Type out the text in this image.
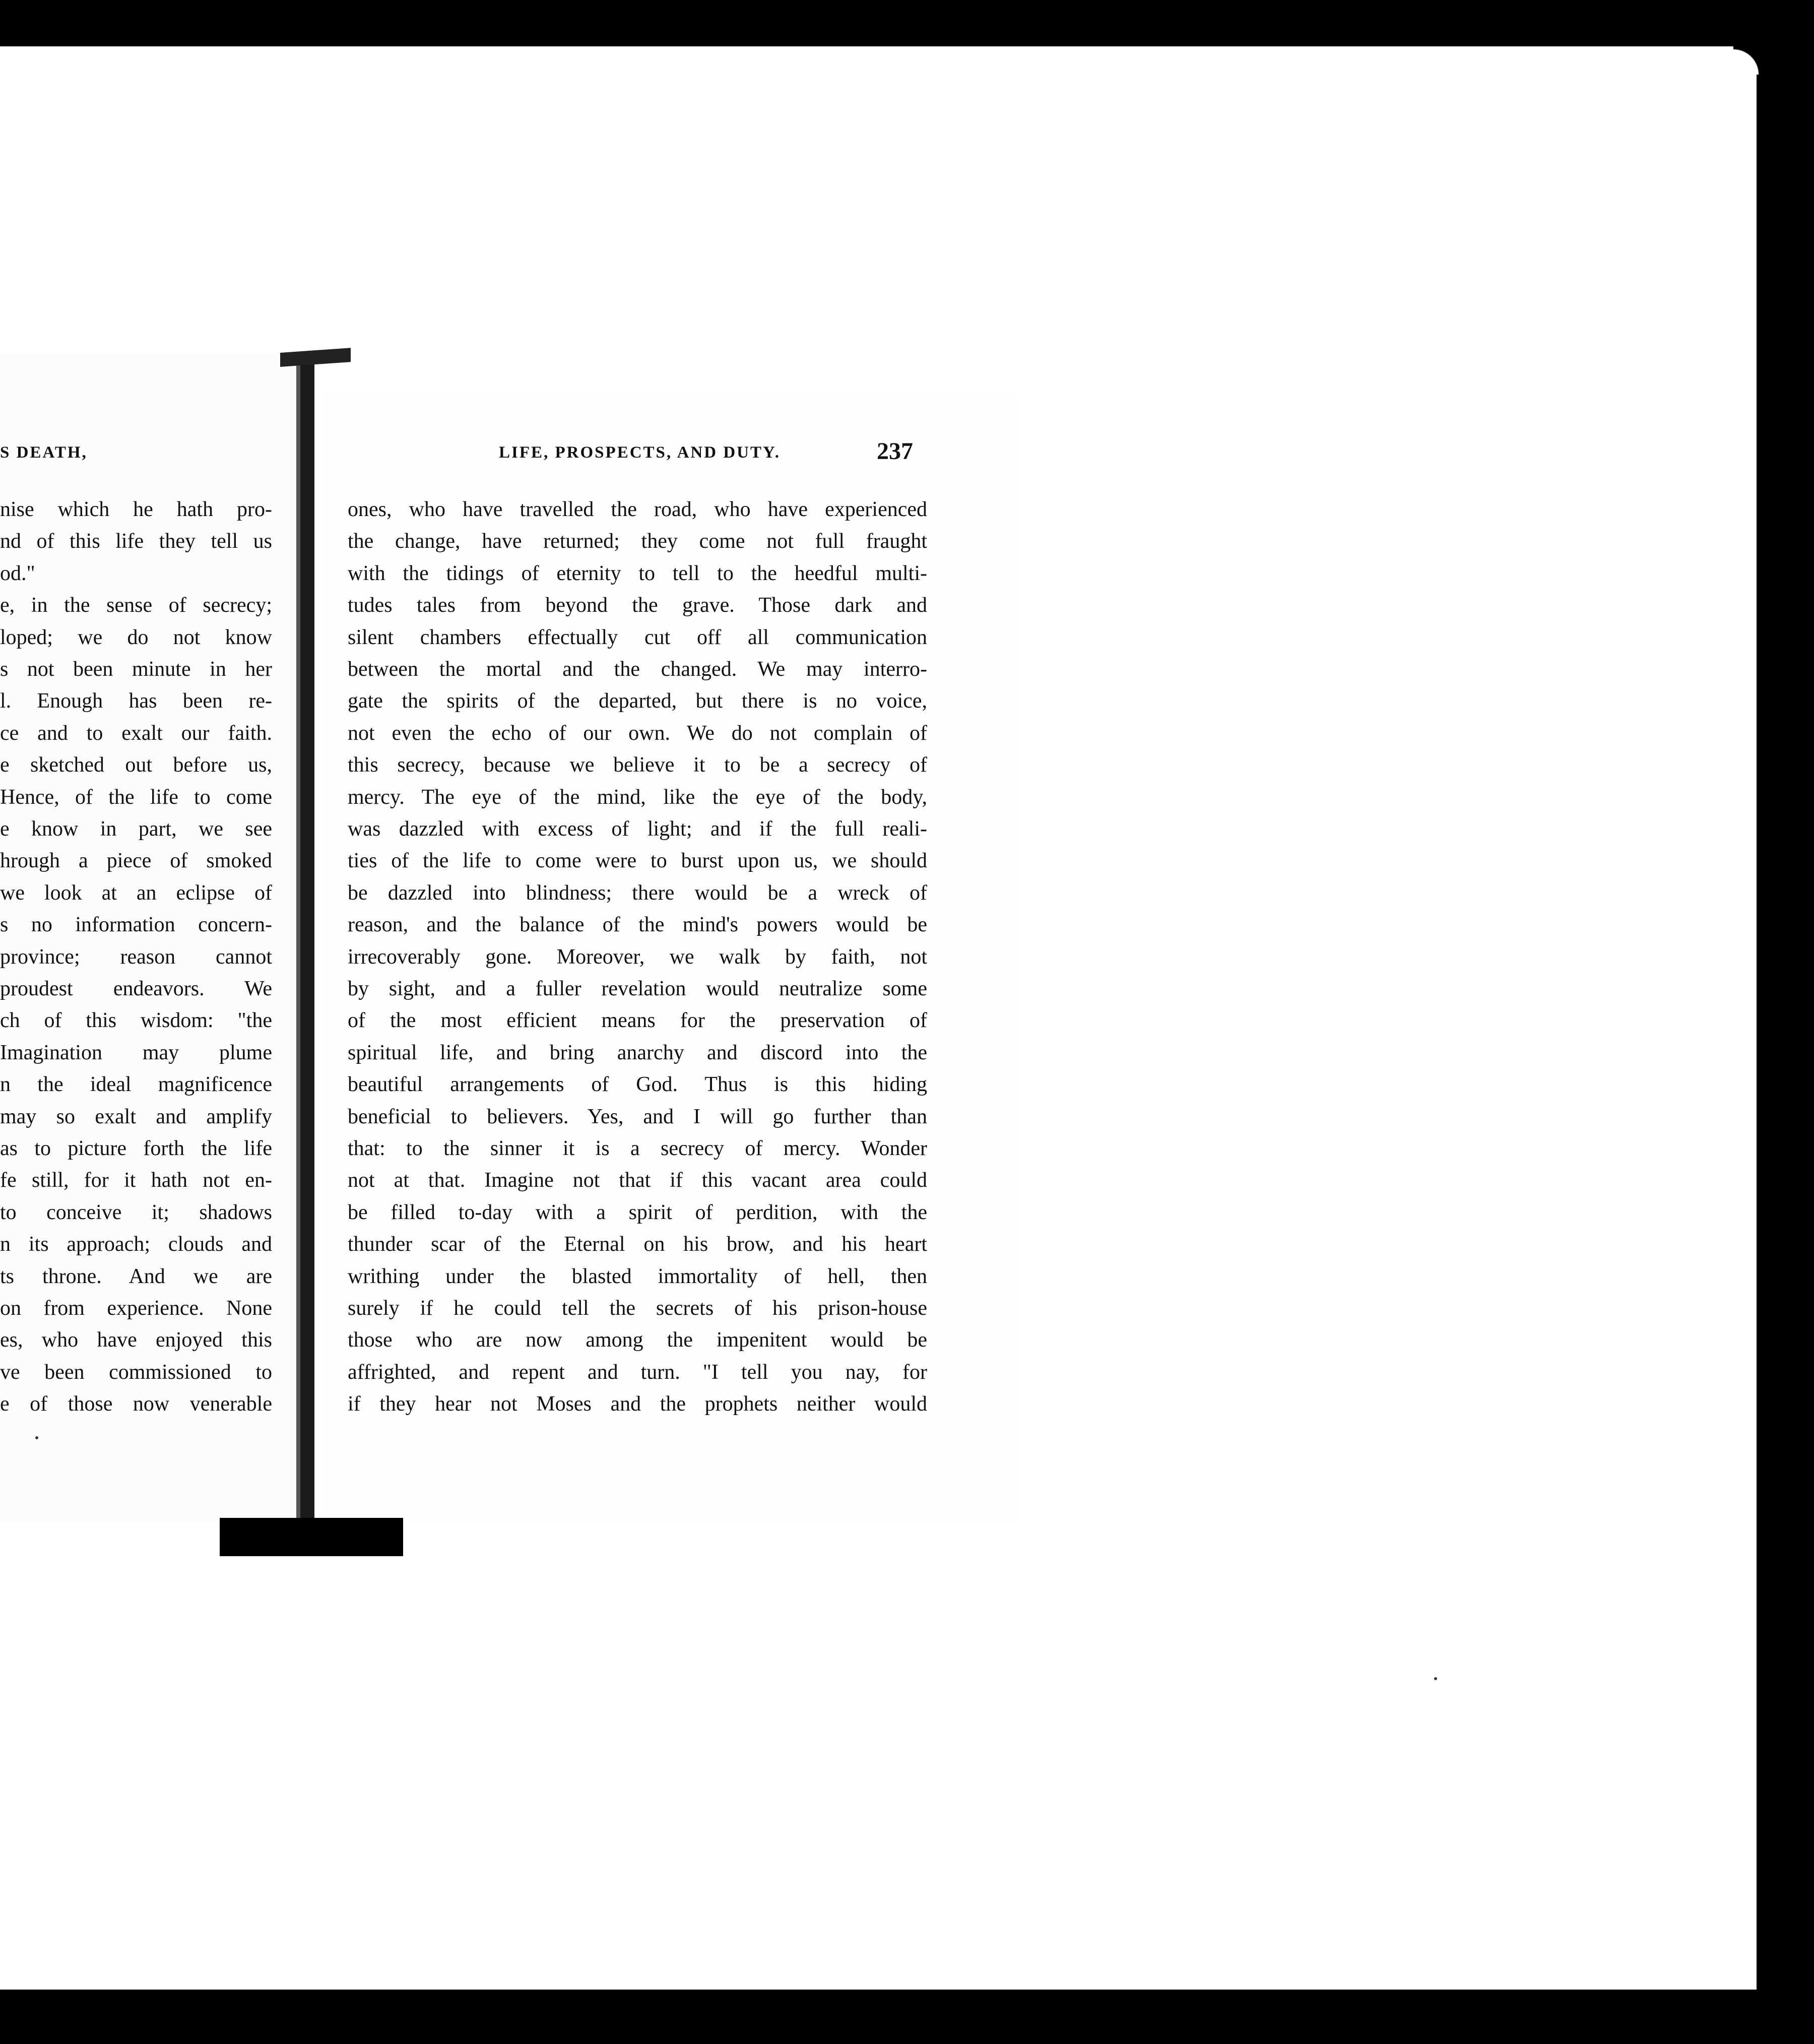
S DEATH,
nise which he hath pro-
nd of this life they tell us
od."
e, in the sense of secrecy;
loped; we do not know
s not been minute in her
l. Enough has been re-
ce and to exalt our faith.
e sketched out before us,
Hence, of the life to come
e know in part, we see
hrough a piece of smoked
we look at an eclipse of
s no information concern-
province; reason cannot
proudest endeavors. We
ch of this wisdom: "the
Imagination may plume
n the ideal magnificence
may so exalt and amplify
as to picture forth the life
fe still, for it hath not en-
to conceive it; shadows
n its approach; clouds and
ts throne. And we are
on from experience. None
es, who have enjoyed this
ve been commissioned to
e of those now venerable
LIFE, PROSPECTS, AND DUTY.	237
ones, who have travelled the road, who have experienced
the change, have returned; they come not full fraught
with the tidings of eternity to tell to the heedful multi-
tudes tales from beyond the grave. Those dark and
silent chambers effectually cut off all communication
between the mortal and the changed. We may interro-
gate the spirits of the departed, but there is no voice,
not even the echo of our own. We do not complain of
this secrecy, because we believe it to be a secrecy of
mercy. The eye of the mind, like the eye of the body,
was dazzled with excess of light; and if the full reali-
ties of the life to come were to burst upon us, we should
be dazzled into blindness; there would be a wreck of
reason, and the balance of the mind's powers would be
irrecoverably gone. Moreover, we walk by faith, not
by sight, and a fuller revelation would neutralize some
of the most efficient means for the preservation of
spiritual life, and bring anarchy and discord into the
beautiful arrangements of God. Thus is this hiding
beneficial to believers. Yes, and I will go further than
that: to the sinner it is a secrecy of mercy. Wonder
not at that. Imagine not that if this vacant area could
be filled to-day with a spirit of perdition, with the
thunder scar of the Eternal on his brow, and his heart
writhing under the blasted immortality of hell, then
surely if he could tell the secrets of his prison-house
those who are now among the impenitent would be
affrighted, and repent and turn. "I tell you nay, for
if they hear not Moses and the prophets neither would
